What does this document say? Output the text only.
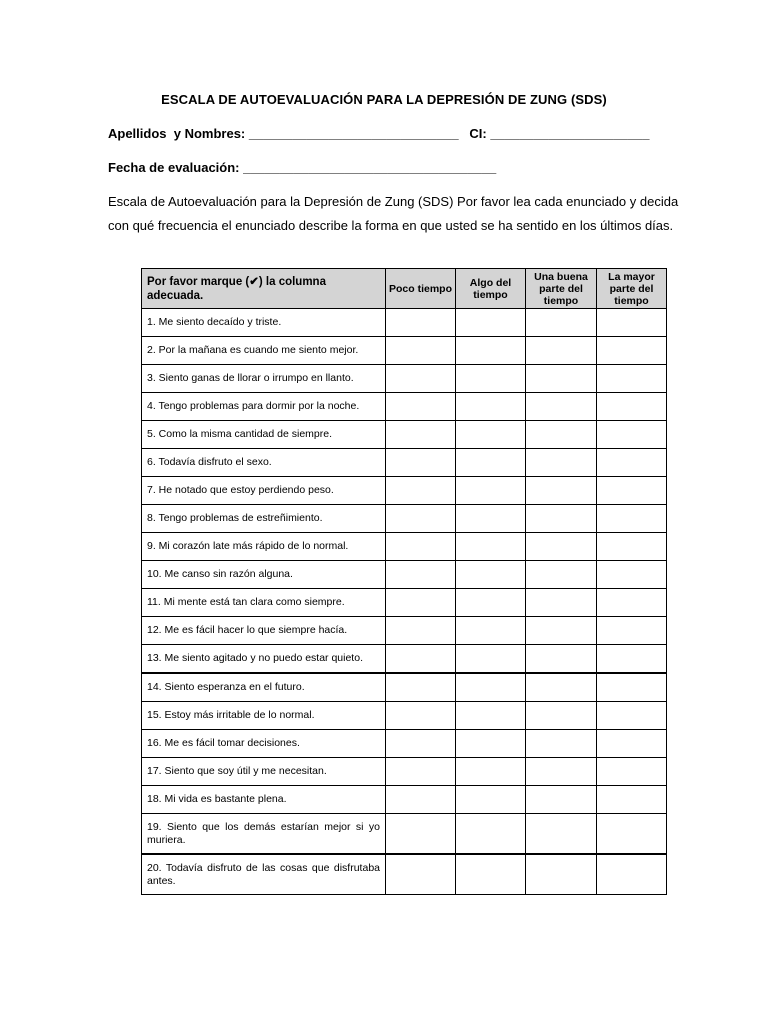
ESCALA DE AUTOEVALUACIÓN PARA LA DEPRESIÓN DE ZUNG (SDS)
Apellidos  y Nombres: _____________________________ CI: ______________________
Fecha de evaluación: ___________________________________
Escala de Autoevaluación para la Depresión de Zung (SDS) Por favor lea cada enunciado y decida
con qué frecuencia el enunciado describe la forma en que usted se ha sentido en los últimos días.
Por favor marque (✔) la columna adecuada.	Poco tiempo	Algo del tiempo	Una buena parte del tiempo	La mayor parte del tiempo
1. Me siento decaído y triste.				
2. Por la mañana es cuando me siento mejor.				
3. Siento ganas de llorar o irrumpo en llanto.				
4. Tengo problemas para dormir por la noche.				
5. Como la misma cantidad de siempre.				
6. Todavía disfruto el sexo.				
7. He notado que estoy perdiendo peso.				
8. Tengo problemas de estreñimiento.				
9. Mi corazón late más rápido de lo normal.				
10. Me canso sin razón alguna.				
11. Mi mente está tan clara como siempre.				
12. Me es fácil hacer lo que siempre hacía.				
13. Me siento agitado y no puedo estar quieto.				
14. Siento esperanza en el futuro.				
15. Estoy más irritable de lo normal.				
16. Me es fácil tomar decisiones.				
17. Siento que soy útil y me necesitan.				
18. Mi vida es bastante plena.				
19. Siento que los demás estarían mejor si yo muriera.				
20. Todavía disfruto de las cosas que disfrutaba antes.				
